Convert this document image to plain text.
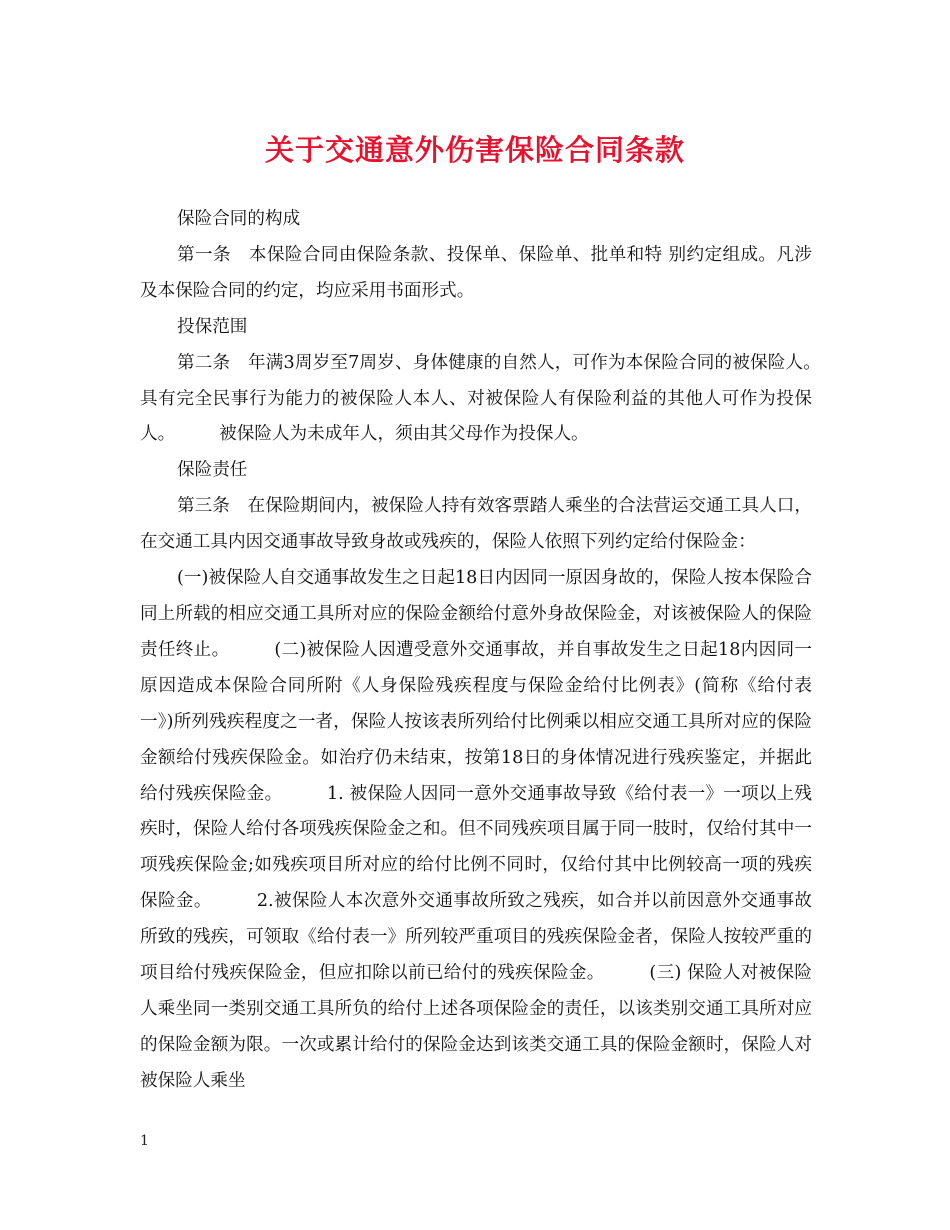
关于交通意外伤害保险合同条款

保险合同的构成

第一条　本保险合同由保险条款、投保单、保险单、批单和特 别约定组成。凡涉及本保险合同的约定，均应采用书面形式。

投保范围

第二条　年满3周岁至7周岁、身体健康的自然人，可作为本保险合同的被保险人。　　　具有完全民事行为能力的被保险人本人、对被保险人有保险利益的其他人可作为投保人。　　　被保险人为未成年人，须由其父母作为投保人。

保险责任

第三条　在保险期间内，被保险人持有效客票踏人乘坐的合法营运交通工具人口，在交通工具内因交通事故导致身故或残疾的，保险人依照下列约定给付保险金：

(一)被保险人自交通事故发生之日起18日内因同一原因身故的，保险人按本保险合同上所载的相应交通工具所对应的保险金额给付意外身故保险金，对该被保险人的保险责任终止。　　　(二)被保险人因遭受意外交通事故，并自事故发生之日起18内因同一原因造成本保险合同所附《人身保险残疾程度与保险金给付比例表》(简称《给付表一》)所列残疾程度之一者，保险人按该表所列给付比例乘以相应交通工具所对应的保险金额给付残疾保险金。如治疗仍未结束，按第18日的身体情况进行残疾鉴定，并据此给付残疾保险金。　　　1. 被保险人因同一意外交通事故导致《给付表一》一项以上残疾时，保险人给付各项残疾保险金之和。但不同残疾项目属于同一肢时，仅给付其中一项残疾保险金;如残疾项目所对应的给付比例不同时，仅给付其中比例较高一项的残疾保险金。　　　2.被保险人本次意外交通事故所致之残疾，如合并以前因意外交通事故所致的残疾，可领取《给付表一》所列较严重项目的残疾保险金者，保险人按较严重的项目给付残疾保险金，但应扣除以前已给付的残疾保险金。　　　(三) 保险人对被保险人乘坐同一类别交通工具所负的给付上述各项保险金的责任，以该类别交通工具所对应的保险金额为限。一次或累计给付的保险金达到该类交通工具的保险金额时，保险人对被保险人乘坐

1
